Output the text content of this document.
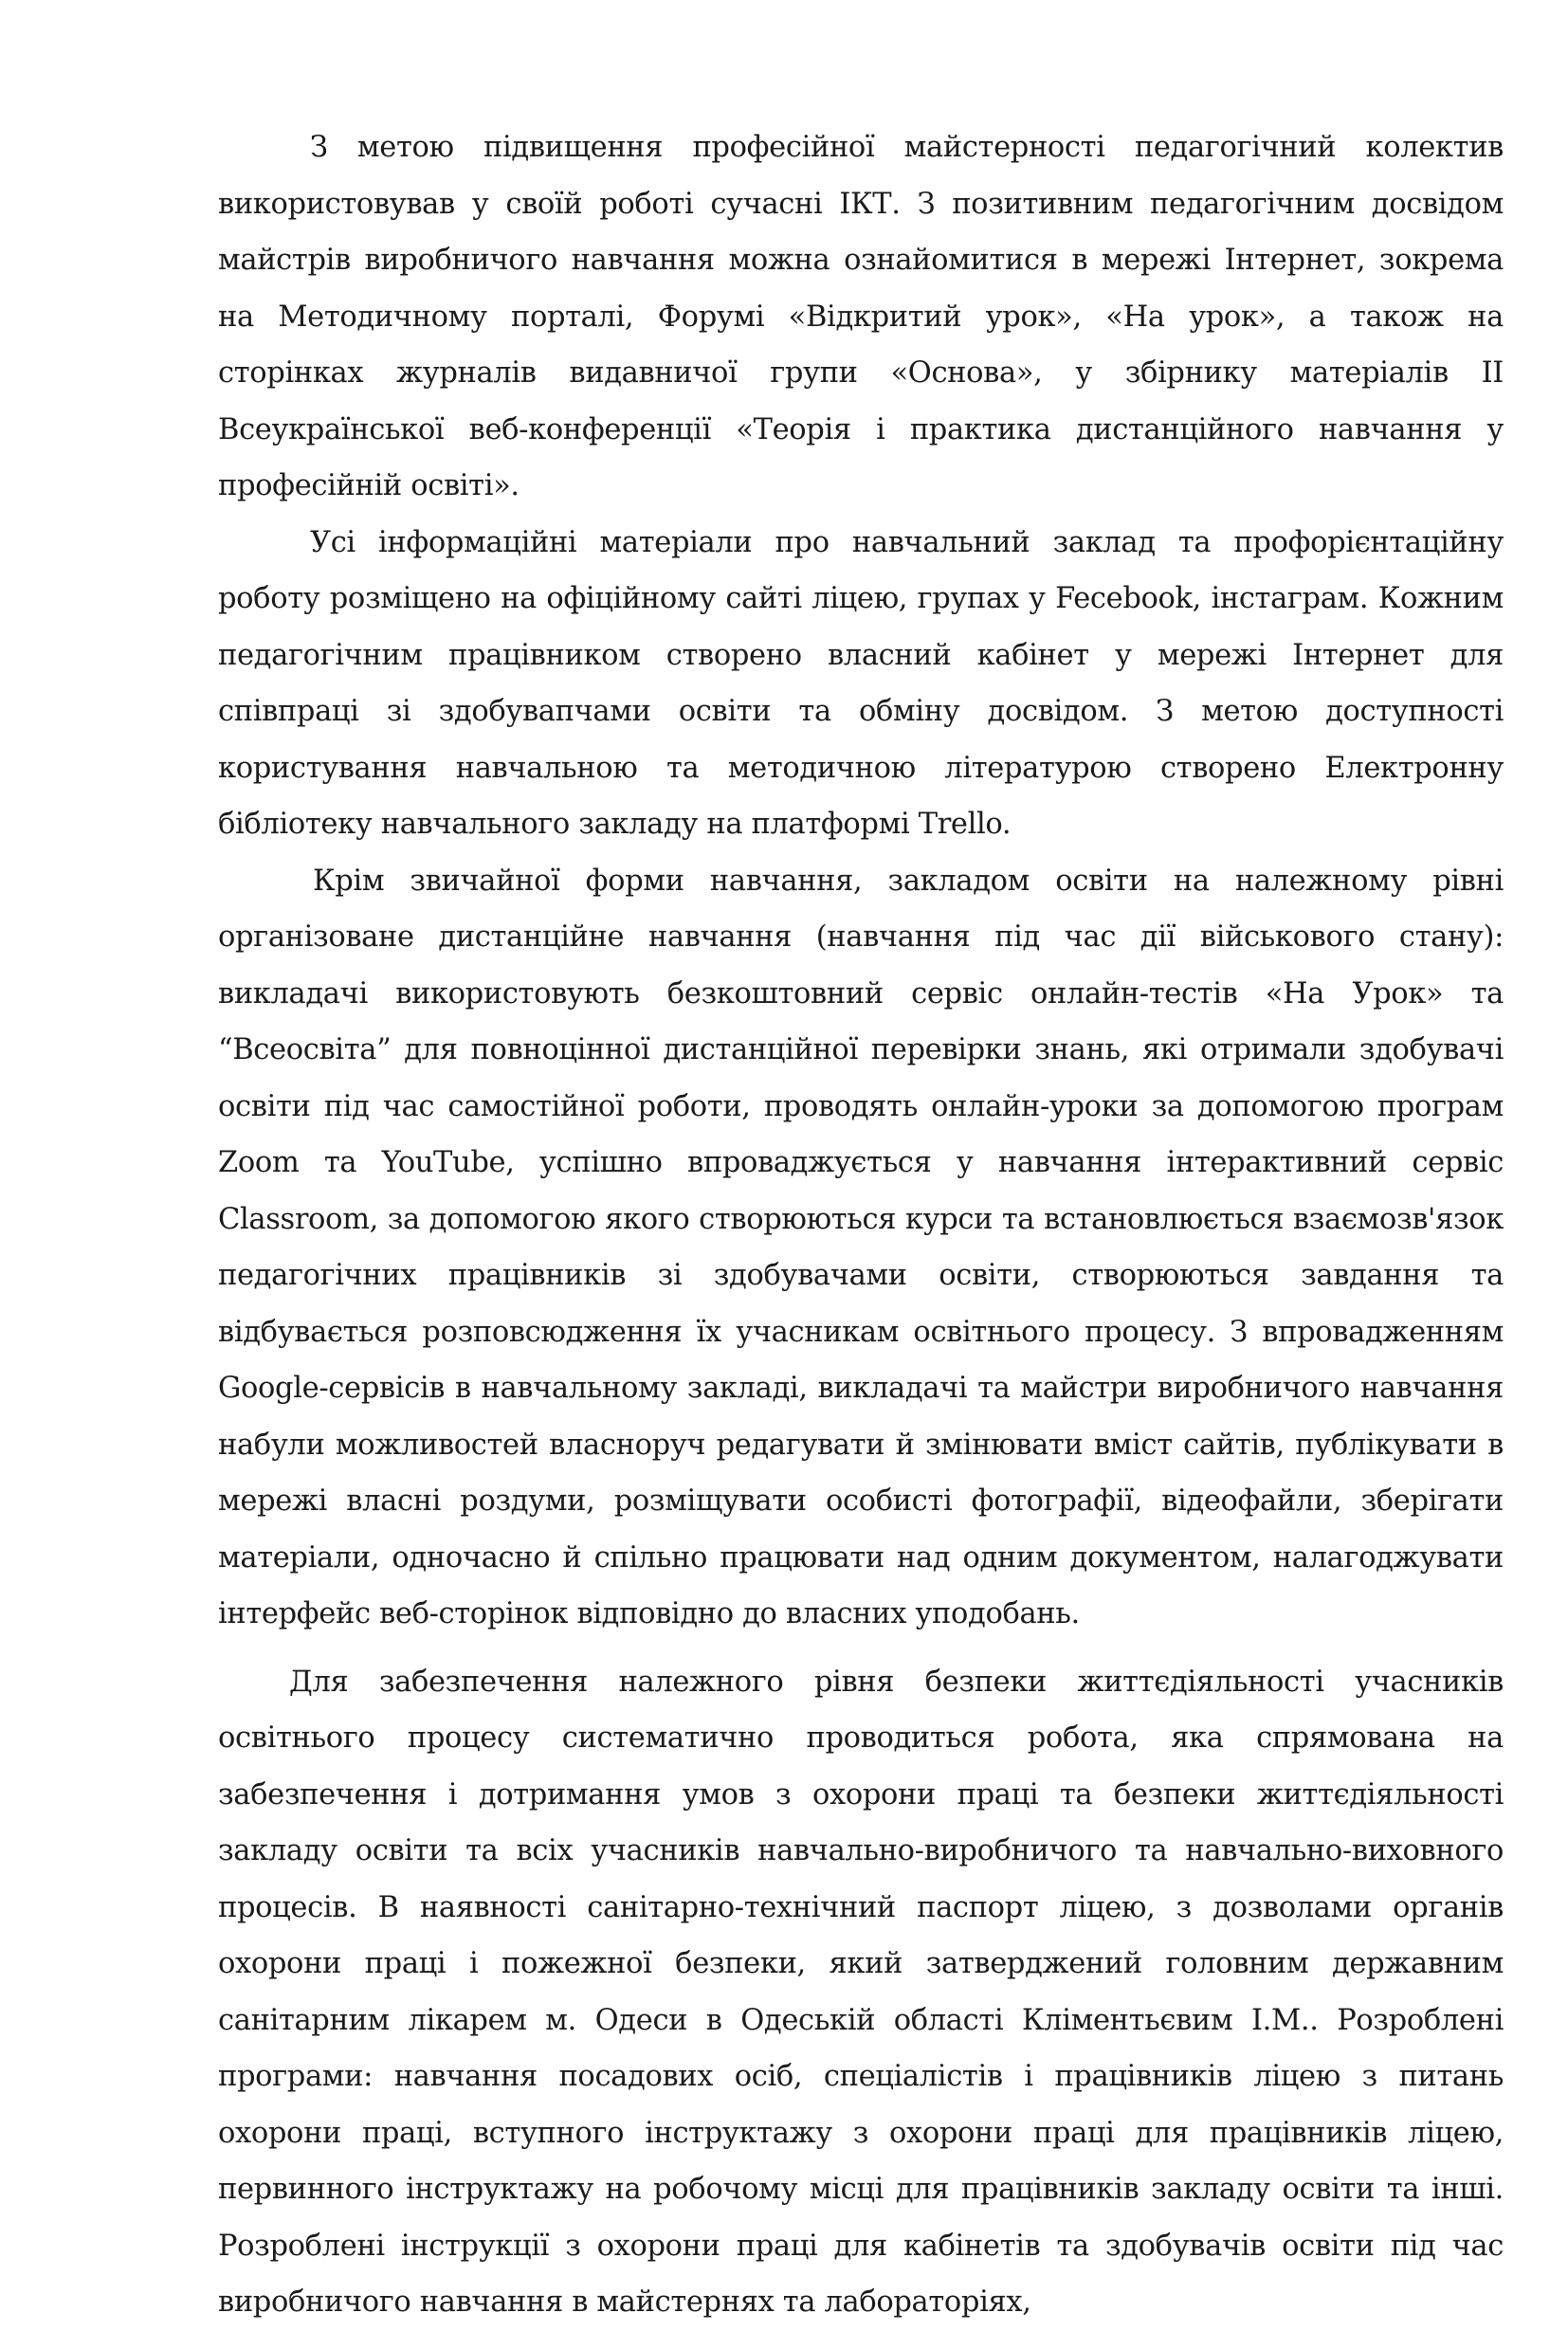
З метою підвищення професійної майстерності педагогічний колектив використовував у своїй роботі сучасні ІКТ. З позитивним педагогічним досвідом майстрів виробничого навчання можна ознайомитися в мережі Інтернет, зокрема на Методичному порталі, Форумі «Відкритий урок», «На урок», а також на сторінках журналів видавничої групи «Основа», у збірнику матеріалів ІІ Всеукраїнської веб-конференції «Теорія і практика дистанційного навчання у професійній освіті».

Усі інформаційні матеріали про навчальний заклад та профорієнтаційну роботу розміщено на офіційному сайті ліцею, групах у Fecebook, інстаграм. Кожним педагогічним працівником створено власний кабінет у мережі Інтернет для співпраці зі здобувапчами освіти та обміну досвідом. З метою доступності користування навчальною та методичною літературою створено Електронну бібліотеку навчального закладу на платформі Trello.

Крім звичайної форми навчання, закладом освіти на належному рівні організоване дистанційне навчання (навчання під час дії військового стану): викладачі використовують безкоштовний сервіс онлайн-тестів «На Урок» та “Всеосвіта” для повноцінної дистанційної перевірки знань, які отримали здобувачі освіти під час самостійної роботи, проводять онлайн-уроки за допомогою програм Zoom та YouTube, успішно впроваджується у навчання інтерактивний сервіс Classroom, за допомогою якого створюються курси та встановлюється взаємозв'язок педагогічних працівників зі здобувачами освіти, створюються завдання та відбувається розповсюдження їх учасникам освітнього процесу. З впровадженням Google-сервісів в навчальному закладі, викладачі та майстри виробничого навчання набули можливостей власноруч редагувати й змінювати вміст сайтів, публікувати в мережі власні роздуми, розміщувати особисті фотографії, відеофайли, зберігати матеріали, одночасно й спільно працювати над одним документом, налагоджувати інтерфейс веб-сторінок відповідно до власних уподобань.

Для забезпечення належного рівня безпеки життєдіяльності учасників освітнього процесу систематично проводиться робота, яка спрямована на забезпечення і дотримання умов з охорони праці та безпеки життєдіяльності закладу освіти та всіх учасників навчально-виробничого та навчально-виховного процесів. В наявності санітарно-технічний паспорт ліцею, з дозволами органів охорони праці і пожежної безпеки, який затверджений головним державним санітарним лікарем м. Одеси в Одеській області Кліментьєвим І.М.. Розроблені програми: навчання посадових осіб, спеціалістів і працівників ліцею з питань охорони праці, вступного інструктажу з охорони праці для працівників ліцею, первинного інструктажу на робочому місці для працівників закладу освіти та інші. Розроблені інструкції з охорони праці для кабінетів та здобувачів освіти під час виробничого навчання в майстернях та лабораторіях,
